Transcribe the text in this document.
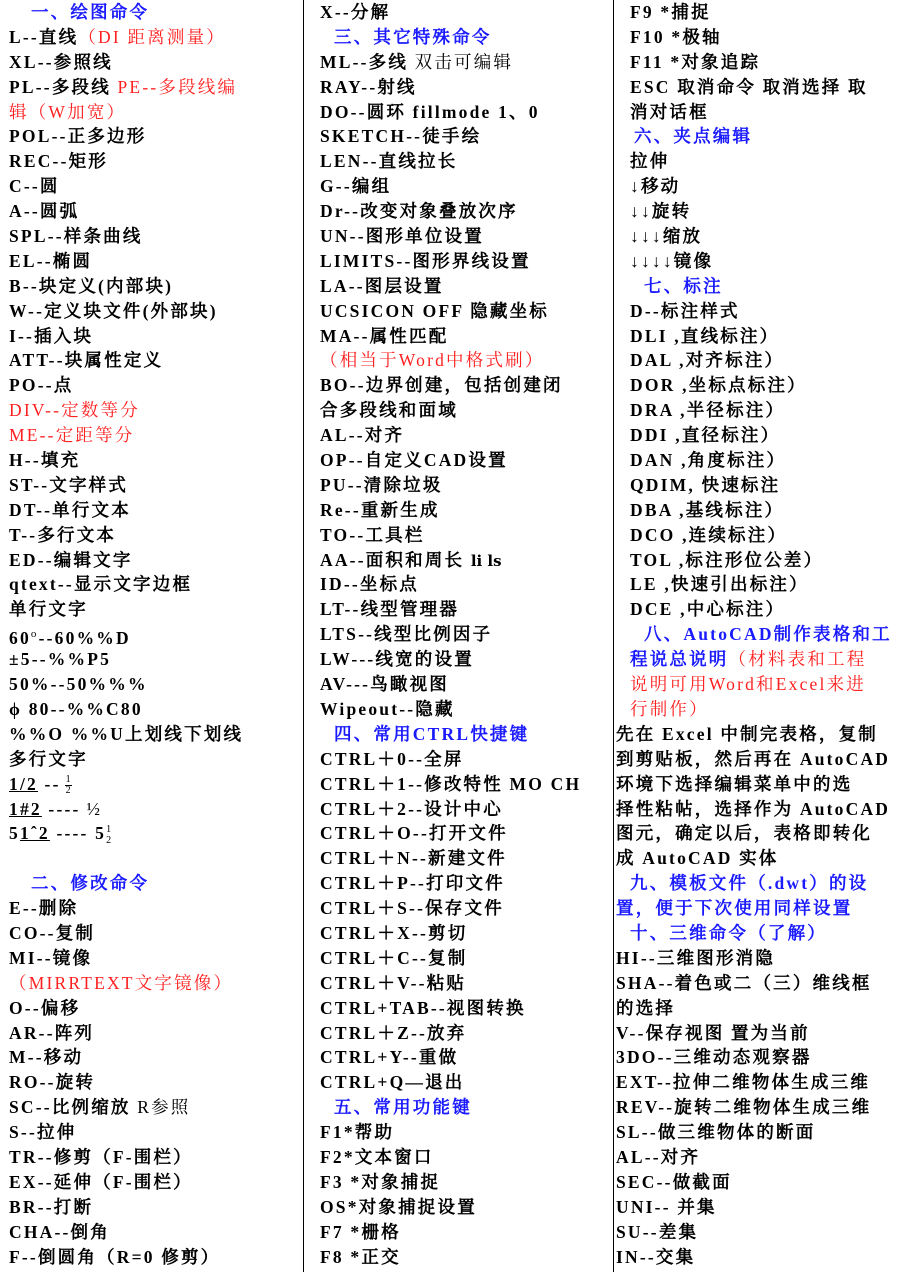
一、绘图命令
L--直线（DI 距离测量）
XL--参照线
PL--多段线 PE--多段线编
辑（W加宽）
POL--正多边形
REC--矩形
C--圆
A--圆弧
SPL--样条曲线
EL--椭圆
B--块定义(内部块)
W--定义块文件(外部块)
I--插入块
ATT--块属性定义
PO--点
DIV--定数等分
ME--定距等分
H--填充
ST--文字样式
DT--单行文本
T--多行文本
ED--编辑文字
qtext--显示文字边框
单行文字
$60^o--60\%\%D$
±5--%%P5
50%--50%%%
ϕ 80--%%C80
%%O %%U上划线下划线
多行文字
$1/2 -- \frac{1}{2}$
1#2 ---- ½
51ˆ2 ---- 5 1
2
二、修改命令
E--删除
CO--复制
MI--镜像
（MIRRTEXT文字镜像）
O--偏移
AR--阵列
M--移动
RO--旋转
SC--比例缩放 R参照
S--拉伸
TR--修剪（F-围栏）
EX--延伸（F-围栏）
BR--打断
CHA--倒角
F--倒圆角（R=0 修剪）
X--分解
三、其它特殊命令
ML--多线 双击可编辑
RAY--射线
DO--圆环 fillmode 1、0
SKETCH--徒手绘
LEN--直线拉长
G--编组
Dr--改变对象叠放次序
UN--图形单位设置
LIMITS--图形界线设置
LA--图层设置
UCSICON OFF 隐藏坐标
MA--属性匹配
（相当于Word中格式刷）
BO--边界创建，包括创建闭
合多段线和面域
AL--对齐
OP--自定义CAD设置
PU--清除垃圾
Re--重新生成
TO--工具栏
AA--面积和周长 li ls
ID--坐标点
LT--线型管理器
LTS--线型比例因子
LW---线宽的设置
AV---鸟瞰视图
Wipeout--隐藏
四、常用CTRL快捷键
CTRL＋0--全屏
CTRL＋1--修改特性 MO CH
CTRL＋2--设计中心
CTRL＋O--打开文件
CTRL＋N--新建文件
CTRL＋P--打印文件
CTRL＋S--保存文件
CTRL＋X--剪切
CTRL＋C--复制
CTRL＋V--粘贴
CTRL+TAB--视图转换
CTRL＋Z--放弃
CTRL+Y--重做
CTRL+Q—退出
五、常用功能键
F1*帮助
F2*文本窗口
F3 *对象捕捉
OS*对象捕捉设置
F7 *栅格
F8 *正交
F9 *捕捉
F10 *极轴
F11 *对象追踪
ESC 取消命令 取消选择 取
消对话框
六、夹点编辑
拉伸
↓移动
↓↓旋转
↓↓↓缩放
↓↓↓↓镜像
七、标注
D--标注样式
DLI ,直线标注）
DAL ,对齐标注）
DOR ,坐标点标注）
DRA ,半径标注）
DDI ,直径标注）
DAN ,角度标注）
QDIM, 快速标注
DBA ,基线标注）
DCO ,连续标注）
TOL ,标注形位公差）
LE ,快速引出标注）
DCE ,中心标注）
八、AutoCAD制作表格和工
程说总说明（材料表和工程
说明可用Word和Excel来进
行制作）
先在 Excel 中制完表格，复制
到剪贴板，然后再在 AutoCAD
环境下选择编辑菜单中的选
择性粘帖，选择作为 AutoCAD
图元，确定以后，表格即转化
成 AutoCAD 实体
九、模板文件（.dwt）的设
置，便于下次使用同样设置
十、三维命令（了解）
HI--三维图形消隐
SHA--着色或二（三）维线框
的选择
V--保存视图 置为当前
3DO--三维动态观察器
EXT--拉伸二维物体生成三维
REV--旋转二维物体生成三维
SL--做三维物体的断面
AL--对齐
SEC--做截面
UNI-- 并集
SU--差集
IN--交集
